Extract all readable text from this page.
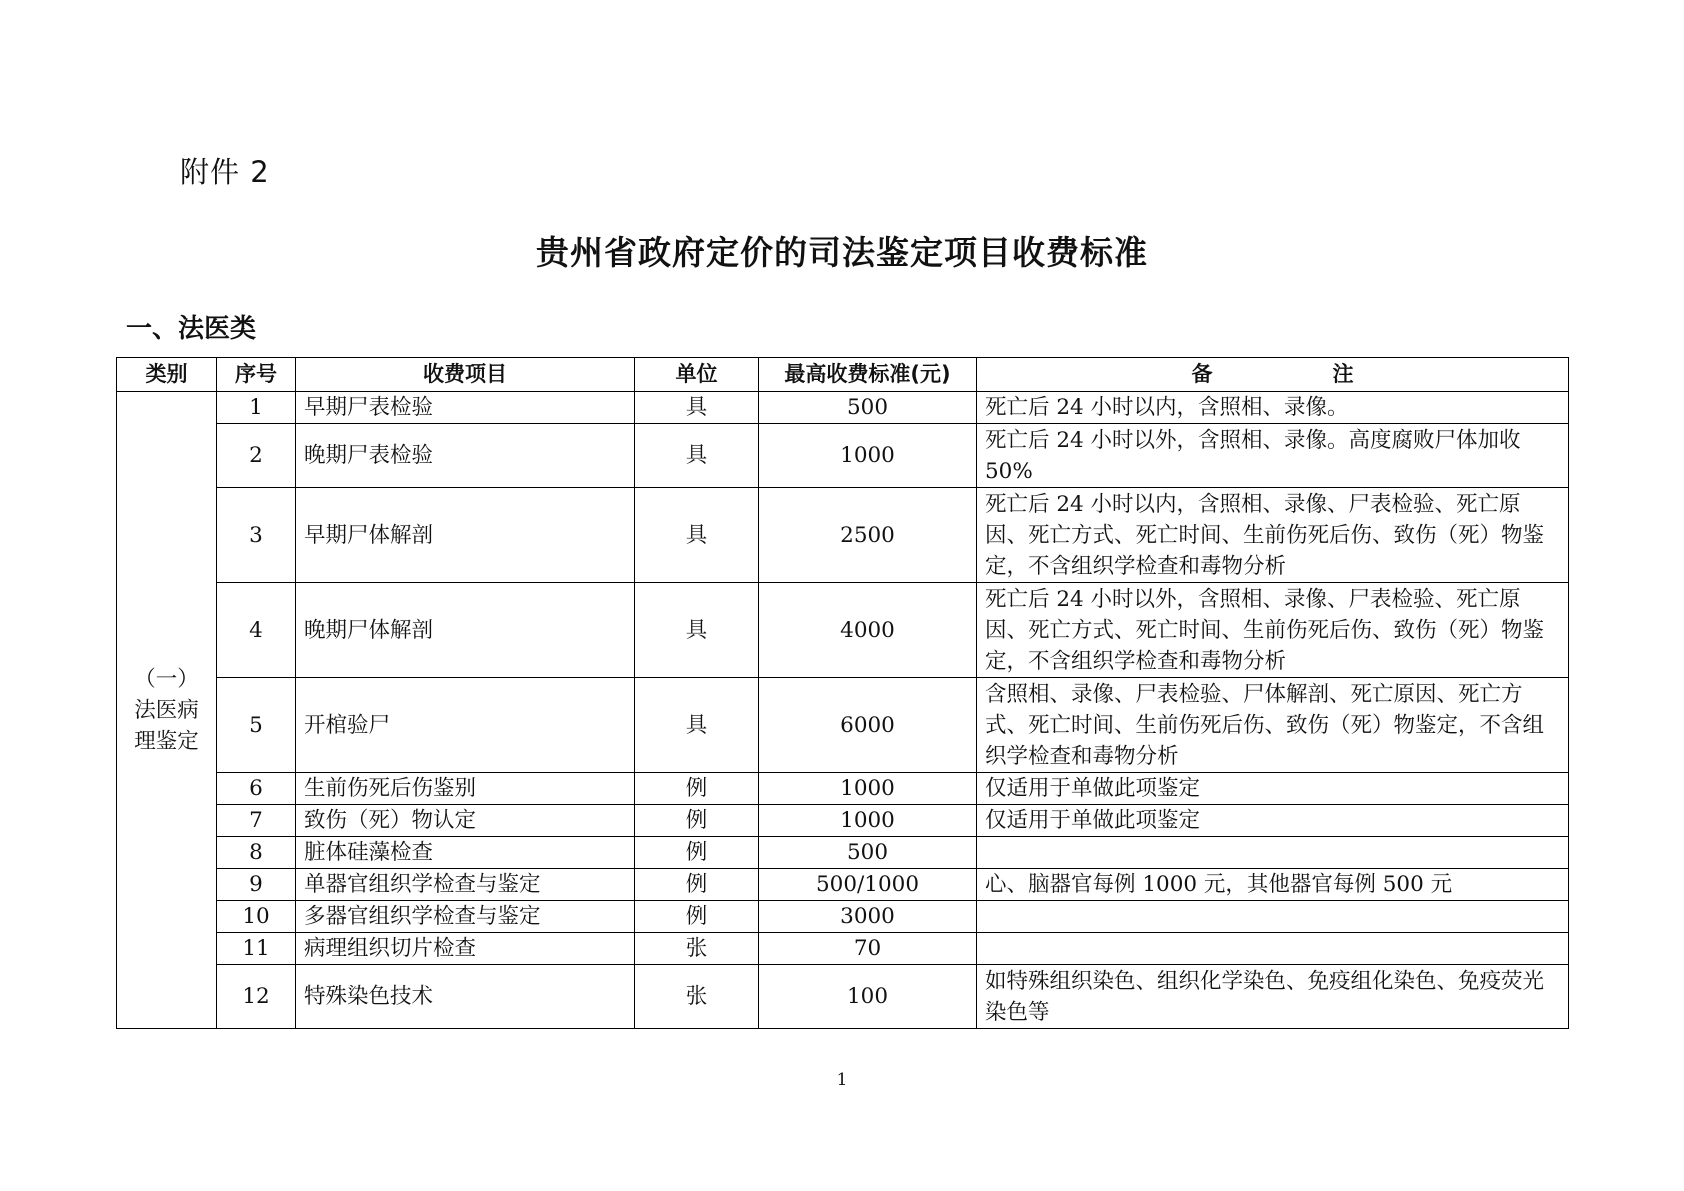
附件 2
贵州省政府定价的司法鉴定项目收费标准
一、法医类
类别	序号	收费项目	单位	最高收费标准(元)	备 注

（一）
法医病
理鉴定	1	早期尸表检验	具	500	死亡后 24 小时以内，含照相、录像。
	2	晚期尸表检验	具	1000	死亡后 24 小时以外，含照相、录像。高度腐败尸体加收 50%
	3	早期尸体解剖	具	2500	死亡后 24 小时以内，含照相、录像、尸表检验、死亡原因、死亡方式、死亡时间、生前伤死后伤、致伤（死）物鉴定，不含组织学检查和毒物分析
	4	晚期尸体解剖	具	4000	死亡后 24 小时以外，含照相、录像、尸表检验、死亡原因、死亡方式、死亡时间、生前伤死后伤、致伤（死）物鉴定，不含组织学检查和毒物分析
	5	开棺验尸	具	6000	含照相、录像、尸表检验、尸体解剖、死亡原因、死亡方式、死亡时间、生前伤死后伤、致伤（死）物鉴定，不含组织学检查和毒物分析
	6	生前伤死后伤鉴别	例	1000	仅适用于单做此项鉴定
	7	致伤（死）物认定	例	1000	仅适用于单做此项鉴定
	8	脏体硅藻检查	例	500	
	9	单器官组织学检查与鉴定	例	500/1000	心、脑器官每例 1000 元，其他器官每例 500 元
	10	多器官组织学检查与鉴定	例	3000	
	11	病理组织切片检查	张	70	
	12	特殊染色技术	张	100	如特殊组织染色、组织化学染色、免疫组化染色、免疫荧光染色等
1
